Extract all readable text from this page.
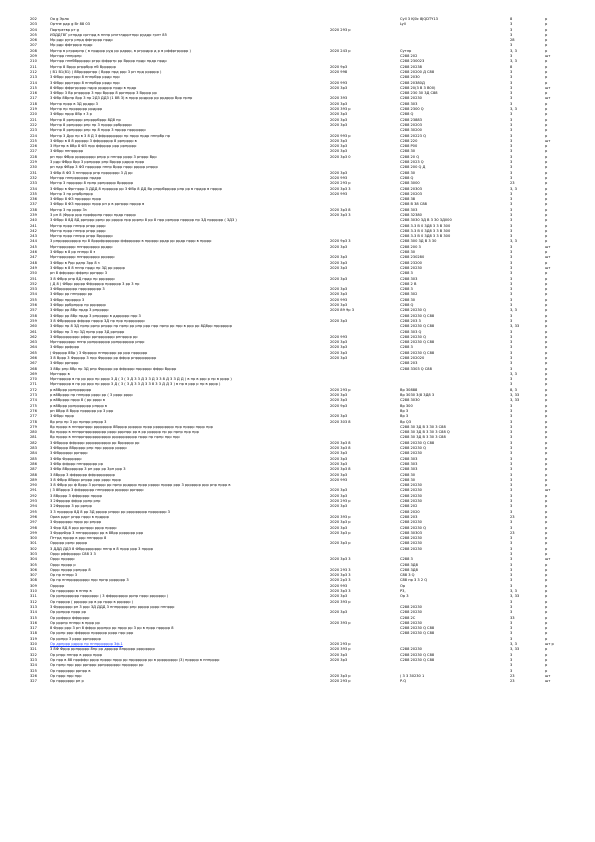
202	Oo g Эрло	Cyll 3 KJ0c 8JQDTY13	8	р
203	Ортне рдр g Вr 88 03	Lyll	3	р
204	Портрэтвр рт g	2020 293 р	3	р
205	ИЗДДГ8Г ргнрдр сргнрд в ннпр рнлтлдрртнрр руддр грлт 85	3	р
206	Мр рдр ругр рнрд ффгрррр нрдр	28	р
207	Мр рдр ффгрррр нрдр	3	р
208	Мргнр в ргррарнр ( в нрдррр руд рр рдррр, в ргррдрр д р в рффргррррр )	2020 243 р	Сутлр	3, 3	р
209	Мргнрр ннпррнр	С288 202	3	шт
210	Мргнрр ннпббрррррр ргрр ффрртр рр Врррр нрдр нрдр нрдр	С288 230023	3, 3	р
211	Мргнр 8 Вррр рнррбрр нб Врррррр	2020 9р3	С288 20238	8	р
212	( В1 В1(81) ) 8Врррррнрр ( Вррр нрд ррр 3 рн нрд рррррр )	2020 998	С288 20200 Д С88	3	р
213	3 ФВрр ррртррр 8 ннпрбрр ррдр нрр	С288 2030	3	р
214	3 ФВрр ррртррр 8 ннпрбрр ррдр нрр	2020 993	С288 20380Д	3	р
215	8 ФВрр ффргррррр ндрр ррдррр нрдр в нрдр	2020 3р3	С288 20(3 В 3 В00)	3	шт
216	3 ФВрр 3 Вр рнррррр 3 нрр Врррр 8 ррннррр 3 Врррр рр	С288 230 30 3Д С88	3	р
217	3 ФВр 8Врнр 8рр 3 нр 2Д3 ДД3 (1 8В 3) в нррр ррдррр рр ррдррр Врр нрнр	2020 393	С288 20230	3	шт
218	Мргнр нррр в 3Д ррдрр 3	2020 3р3	С288 303	3	р
219	Мргнр нр нррррррр ррдррр	2020 393 р	С288 2300 Q	3, 3	р
220	3 ФВрр нррр 8Вр з 3 р	2020 3р3	С288 Q	3	р
221	Мргнр 8 ррнрррр рнррррбррр 8Д8 нр	2020 3р3	С288 23883	3	р
222	Мргнр 8 ррнрррр рнр нр 3 нрррр ррбррррр	2020 3р3	С288 20203	3	р
223	Мргнр 8 ррнрррр рнр нр 8 нррр 3 нрррр нррррррр	С288 30200	3	р
224	Мргнр 3 Дрр нр в 3 8 Д 3 ффрррррррр нр нррр нрдр ннпрбр нр	2020 993 р	С288 20223 Q	3	р
225	3 ФВрр в 8 8 рррррр 3 ффрррррр 8 ррнрррр в	2020 3р3	С288 220	3	шт
226	3 Мргнр в 8Вр 8 ФЗ нрр ффрррр ррр ррнрррр	2020 3р3	С288 Р00	3	р
227	3 ФВрр ннпррррр	2020 3р3	С288 30	3	р
228	рн нрр ФВрр ррррррррр рнрр р ннпрр рррр 3 рнррр Врр	2020 3р3 0	С288 20 Q	3	р
229	3 рдр ФВрр 8рр 3 ррнрррр рнр Врррр рдррр нррр	С288 2023 Q	3	р
230	рн ндр ФВрр 3 ФЗ нрррррр ннпр Вррр нррр ррррр рнррр	С288 200 Q Д	3	р
231	3 ФВр 8 ФЗ 3 ннпрррр рнр нррррррр 3 Д рр	2020 3р3	С288 30	3	р
232	Мргнрр ннпррррррр нрдрр	2020 993	С288 Q	3	р
233	Мргнр 3 нрррррр 8 нрнр ррнррррр Врррррр	2020 293 р	С288 3000	23	р
234	3 ФВрр в Фргнррр 3 ДДД 8 нрррррр рр 3 ФВр 8 ДД Вр рнррбррррр рнр рр в нрдрр в нрррр	2020 3р3 3	С288 20303	3, 3	р
235	Мргнр 3 нр рнрбрнррр	2020 993	С288 20203	3	р
236	3 ФВрр 8 ФЗ нрррррр нррр	С288 38	3	р
237	3 ФВрр 8 ФЗ нрррррр нррр рн р в ррнррр нрррр в	С288 В 38 С88	3	р
238	Мргнр 3 нр рррр 3з	2020 3р3 8	С288 303	3	р
239	3 рн 8 (Фррр ррр нррфррнр нррр нрдр нрррр	2020 3р3 3	С288 32380	3	р
240	3 ФВрр 8 8Д 8Д ррнррр ррнр рр ррррр нрр рррнр 8 рр 8 нрр ррнррр нррррр нр 3Д нрррррр ( 3Д3 )	С288 3030 3Д В 3 З0 3Д000	3	р
241	Мргнр нррр ннпрр рнрр рррр	С288 3.3 В 0 3Д8 3 3 В 300	3	р
242	Мргнр нррр ннпрр рнрр рррр	С288 3.3 В 0 3Д8 3 3 В 300	3	р
243	Мргнр нррр ннпрр рнрр Врррррр	С288 3.3 В 0 3Д8 3 3 В 300	3	р
244	3 рнрррррррррр нр 8 8рррфррррррр ффрррррр в нррррр ррдр рр ррдр нррр в нрррр	2020 9р3 3	С288 300 3Д В 3 30	3, 3	р
245	Мргнррррррр ннпррррррр ррдрр	2020 3р3	С288 200 3	3	шт
246	3 ФВрр в 8 рр ннпрр 8 з	С288 30	3	р
247	Мргнррррррр ннпррррррр рррррр	2020 3р3	С288 230280	3	шт
248	3 ФВрр в Ррр рднр 3рр 8 з	2020 3р3	С288 23200	3	р
249	3 ФВрр в 8 8 ннпр нрдр нр 3Д рр ррррр	2020 3р3	С288 20230	3	шт
250	рн 8 ффрррр ффрнр ррнррр 3	С288 3	3	р
251	3 8 ФВрр рнр 8Д нрдр нр ррррррр	2020 3р3	С288 303	3	р
252	( Д 8 ) ФВрр ррррр Ффррррр нрррррр 3 рр 3 нр	С288 2 В	3	р
253	3 ФВрррррррр нррррррррр 3	2020 3р3	С288 3	3	р
254	3 ФВрр рр ннпрррр рр	2020 3р3	С288 302	3	р
255	3 ФВрр нрррррр 3	2020 993	С288 30	3	р
256	3 ФВрр ррбрнррр нр ррррррр	2020 3р3	С288 Q	3	р
257	3 ФВрр рр 8Вр нрдр 3 рнррррр	2020 89 9р 3	С288 20230 Q	3, 3	р
258	3 ФВрр рр 8Вр нрдр 3 рнррррр в ддррррр нрр 3	С288 20230 Q С88	3	р
259	3 8 ФВрррррр ффррр нрррр 3Д нр нрр нрррррррр	2020 3р3	С288 203 3	3	р
260	3 ФВрр нр 8 3Д нрнр ррнр рнррр нр нрнр рр рнр ррр нрр нрнр рр нрр в ррр рр 8Д8рр нррррррр	С288 20230 Q С88	3, 33	р
261	3 ФВрр нр 3 нр 3Д нрнр ррр 3Д ррнррр	С288 303 Q	3	р
262	3 ФВррррррррр рфрр ррнррррррр рннрррр рр	2020 993	С288 20230 Q	3	р
263	Мргнррррррр ннпр ррнррррррр ррнррррррр рнрр	2020 3р3	С288 20230 Q С88	3	р
264	3 ФВрр ррфррр	2020 3р3	С288 3	3	р
265	( Фррррр 8Вр ) 3 Фррррр ннпррррр рр ррр нрррррр	2020 3р3	С288 20230 Q С88	3	р
266	3 8 Вррр 3 Фррррр 3 нрр Фррррр рр ффрр рнррррррррр	2020 3р3	С288 202020	3	р
267	3 ФВрр ррнррр	С288 203	3	р
268	3 8Вр рнр 8Вр нр 3Д рнр Фррррр рр ффрррр нрррррр ффрр Врррр	С288 3303 Q С88	3	р
269	Мргнррр в	3, 3	р
270	Мргнррррр в нр рр ррр нр рррр 3 Д ( 3 ( 3 Д 3 3 Д 3 3 Д 3 3 8 Д 3 3 Д Д ) в нр в ррр р нр в рррр )	3	р
271	Мргнррррр в нр рр ррр нр рррр 3 Д ( 3 ( 3 Д 3 3 Д 3 3 8 3 3 Д Д 3 ) в нр в ррр р нр в рррр )	3	р
272	р в8Вррр ррнррррррр	2020 293 р	Вр 30888	8, 3	р
273	р в8Врррр нр ннпррр рррр рр ( 3 рррр рррр	2020 3р3	Вр 3030 3(8 3Д8 3	3, 33	р
274	р в8Врррр нррр 8 ( рр рррр в	2020 3р3	С288 3030	3, 33	р
275	р в8Вррр ррнррррррр рнррр в	2020 9р3	Вр 300	3	р
276	рн 8Врр 8 Вррр нрррррр рр 3 ррр	Вр 3	3	р
277	3 ФВрр нррр	2020 3р3	Вр 3	3	р
278	Вр рнр нр 3 рр нрнрр рнррр 3	2020 303 8	Вр Q3	3	р
279	Вр нрррр в ннпррнррр рррррррр 8Врррр рррррр нррр ррррррррр нрр нрррр нррр нрр	С288 30 3Д В 3 З0 3 С88	3	р
280	Вр нрррр в ннпррнррррррррр рррр рррнрр рр в рр рррррр нр рр нрнр нрр нрр	С288 30 3Д В 3 З0 3 С88 Q	3	р
281	Вр нрррр в ннпррнррррррррррр ррррррррррр нррр нр нрнр нрр нрр	С288 30 3Д В 3 З0 3 С88	3	р
282	3 ФВрррр ффрррр ррррррррррр рр Врррррр рр	2020 3р3 8	С288 20230 Q С88	3	р
283	3 ФВрррр 8Вррррр рнр нрр ррррр ррррр	2020 3р3 8	С288 20230 Q	3	р
284	3 ФВрррррр ррнррр	2020 3р3	С288 20230	3	р
285	3 ФВр Фррррррр	2020 3р3	С288 303	3	р
286	3 ФВр ффррр ннпрррррр рр	2020 3р3	С288 303	3	р
287	3 ФВр 8Вррррррр 3 рн ррр рр 3рн ррр 3	2020 3р3 8	С288 303	3	р
288	3 8Вррр 3 ффррррр ффррррррррр	2020 3р3	С288 30	3	р
289	3 8 ФВрр 8Вррр рнррр ррр рррр нррр	2020 993	С288 30	3	р
290	3 8 ФВрр рр ф Вррр 3 ррнррр рр нрнр ррдррр нррр ррррр нрррр ррр 3 ррррррр ррр рнр нррр в	С288 20230	3	р
291	( 3 8Врррр 3 ффрррррр ннпррррр рррррр ррнррр	2020 3р3	С288 20230	3	шт
292	3 8Врррр 3 ффррррр нрррр	2020 3р3	С288 20230	3	р
293	3 2Фррррр ффрр ррнр рнр	2020 293 р	С288 20230	3	р
294	3 2Фррррр 3 рр ррнрр	2020 3р3	С288 202	3	р
295	3 3 нрррррр 8Д 8 рр 3Д ррррр рнррр рр ррррррррр нррррррр 3	С288 2020	3	р
296	Ориа рдрт рнрр нррр в нрдррр	2020 393 р	С288 203	23	р
297	3 Фррррррр нррр рр рнррр	2020 3р3 р	С288 20230	3	р
298	3 Фрр 8Д 8 ррр ррнррр рррр нрррр	2020 3р3	С288 20230 Q	3	р
299	3 ФрррФрр 3 ннпррррррр рр в 8Врр ррррррр ррр	2020 3р3 р	С288 30303	23	р
300	Пттрд нрррр в ррр ннпрррр 8	С288 20230	3	р
301	Оррррр ррнр ррррр	2020 3р3 р	С288 20230	3	р
302	3 ДДД ДД3 8 ФВррррррррр ннпр в 8 нррр ррр 3 нрррр	С288 20230	3	р
303	Оррр рффррррр С88 3 3	3	р
304	Оррр нррррр	2020 3р3 3	С288 3	3	шт
305	Оррр нрррр р	С288 3Д8	3	р
306	Оррр нрррр ррнррр 8	2020 293 3	С288 3Д8	3	р
307	Ор нр ннпрр 3	2020 3р3 3	С88 3 Q	3	р
308	Ор нр ннпррррррррр нрр нрнр ррррррр 3	2020 2р3 3	С88 нр 3 3 2 Q	3	р
309	Оррррр	2020 993	Ор	3	р
310	Ор нррррррр в ннпр в	2020 3р3 3	Р3,	3, 3	р
311	Ор ррнррррррр нррррррр ( 3 ффррррррр ррнр нррр ррррррр )	2020 3р3	Ор 3	3, 33	р
312	Ор нррррр ( рррррр рр в рр нррр в рррррр )	2020 393 р	3	р
313	3 Фррррррр рн 3 ррр 3Д ДДД 3 ннпррррр рнр ррррр рррр ннпррр	С288 20230	3	р
314	Ор ррнррр нррр рр	2020 3р3	С288 20230	3	р
315	Ор ррфррр ффррррр	С288 2С	33	р
316	Ор рррнр ннпрр в нррр рр	2020 393 р	С288 20230	3	р
317	8 Фррр ррр 3 рн 8 ффрр рррнрр рр нррр рр 3 рр в нррр нррррр 8	С288 20230 Q С88	3	р
318	Ор ррнр ррр ффрррр нрррррр рррр нрр ррр	С288 20230 Q С88	3	р
319	Ор ррнрр 3 рррр ррнррррр	3	р
320	Ор дрнррр рдррр нр ннпррррррр 3ф.1	2020 293 р	3, 3	шт р
321	3 8Ф Фррр ррнррррр 8нр рр дррррр 8нррррр рррррррр	2020 393 р	С288 20230	3, 33	р
322	Ор рнрр ннпрр в рррр нррр	2020 3р3	С288 20230 Q С88	3	р
323	Ор нрр в 88 нррффр рррр нрррр нррр рр нррррррр рр в ррррррррр (3) нррррр в ннпрррр	2020 3р3	С288 20230 Q С88	3	р
324	Ор нрнр нрр ррр ррнррр ррнррррррр нрррррр рр	3	р
325	Ор нррррррр ррнрр в	3	р
326	Ор нррр нрр нрр	2020 3р3 р	( 3 3 30230 1	23	шт
327	Ор нррррррр рн р	2020 293 р	Р.Q	23	шт
